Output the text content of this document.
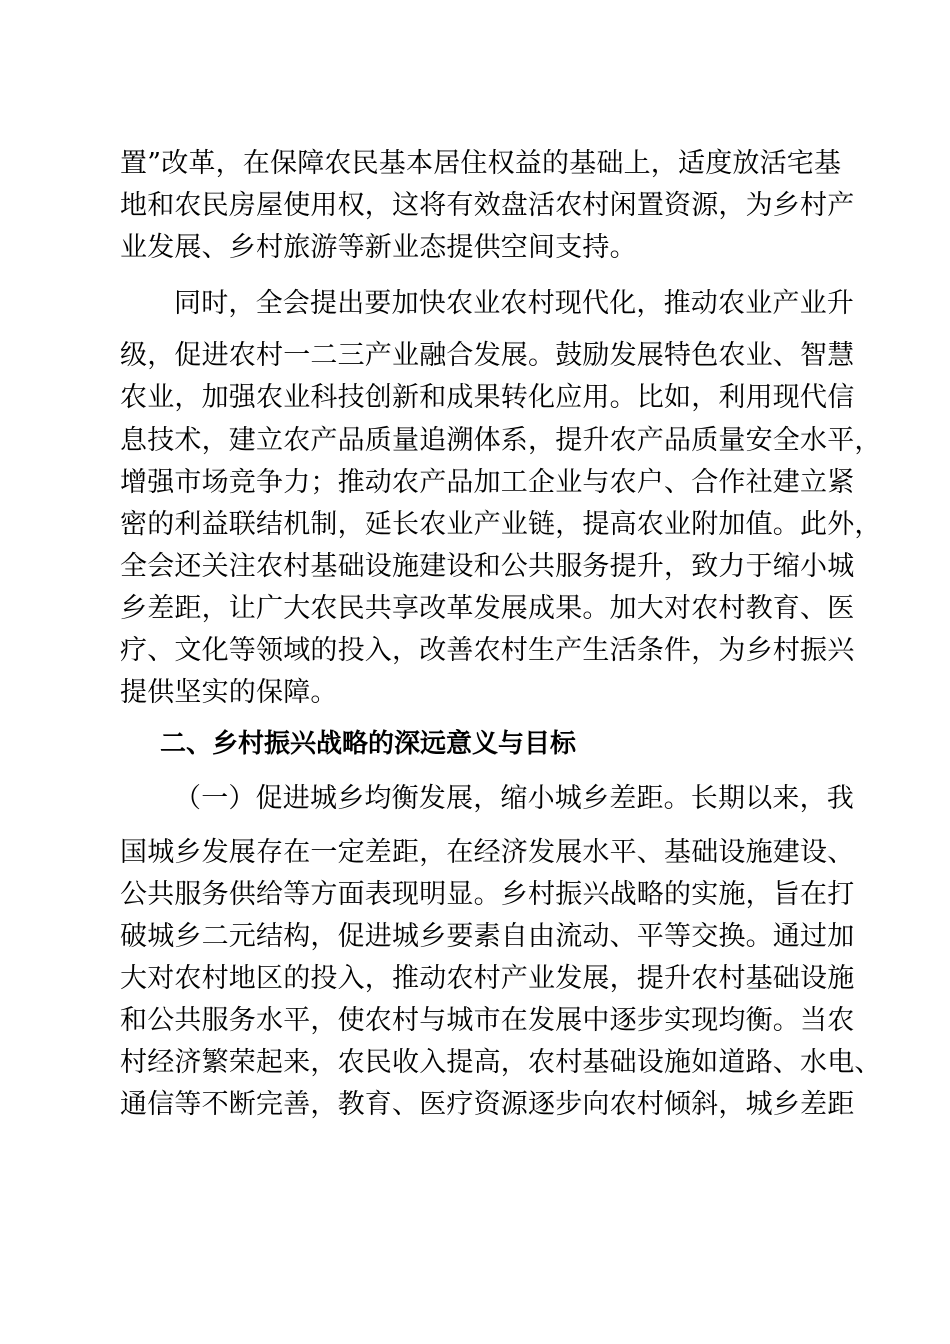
置”改革，在保障农民基本居住权益的基础上，适度放活宅基
地和农民房屋使用权，这将有效盘活农村闲置资源，为乡村产
业发展、乡村旅游等新业态提供空间支持。
同时，全会提出要加快农业农村现代化，推动农业产业升
级，促进农村一二三产业融合发展。鼓励发展特色农业、智慧
农业，加强农业科技创新和成果转化应用。比如，利用现代信
息技术，建立农产品质量追溯体系，提升农产品质量安全水平，
增强市场竞争力；推动农产品加工企业与农户、合作社建立紧
密的利益联结机制，延长农业产业链，提高农业附加值。此外，
全会还关注农村基础设施建设和公共服务提升，致力于缩小城
乡差距，让广大农民共享改革发展成果。加大对农村教育、医
疗、文化等领域的投入，改善农村生产生活条件，为乡村振兴
提供坚实的保障。
二、乡村振兴战略的深远意义与目标
（一）促进城乡均衡发展，缩小城乡差距。长期以来，我
国城乡发展存在一定差距，在经济发展水平、基础设施建设、
公共服务供给等方面表现明显。乡村振兴战略的实施，旨在打
破城乡二元结构，促进城乡要素自由流动、平等交换。通过加
大对农村地区的投入，推动农村产业发展，提升农村基础设施
和公共服务水平，使农村与城市在发展中逐步实现均衡。当农
村经济繁荣起来，农民收入提高，农村基础设施如道路、水电、
通信等不断完善，教育、医疗资源逐步向农村倾斜，城乡差距
